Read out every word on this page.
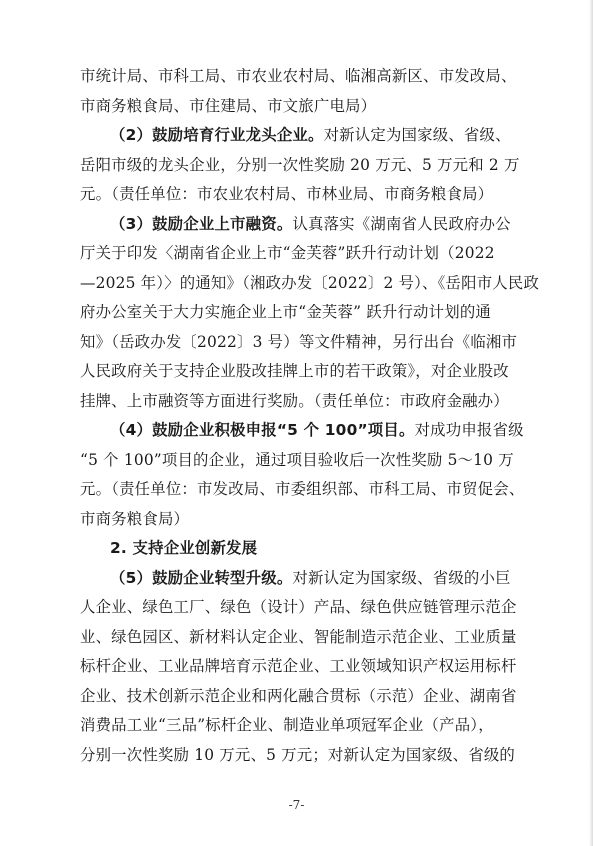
市统计局、市科工局、市农业农村局、临湘高新区、市发改局、
市商务粮食局、市住建局、市文旅广电局）
（2）鼓励培育行业龙头企业。对新认定为国家级、省级、
岳阳市级的龙头企业，分别一次性奖励 20 万元、5 万元和 2 万
元。（责任单位：市农业农村局、市林业局、市商务粮食局）
（3）鼓励企业上市融资。认真落实《湖南省人民政府办公
厅关于印发〈湖南省企业上市“金芙蓉”跃升行动计划（2022
—2025 年）〉的通知》（湘政办发〔2022〕2 号）、《岳阳市人民政
府办公室关于大力实施企业上市“金芙蓉” 跃升行动计划的通
知》（岳政办发〔2022〕3 号）等文件精神，另行出台《临湘市
人民政府关于支持企业股改挂牌上市的若干政策》，对企业股改
挂牌、上市融资等方面进行奖励。（责任单位：市政府金融办）
（4）鼓励企业积极申报“5 个 100”项目。对成功申报省级
“5 个 100”项目的企业，通过项目验收后一次性奖励 5～10 万
元。（责任单位：市发改局、市委组织部、市科工局、市贸促会、
市商务粮食局）
2. 支持企业创新发展
（5）鼓励企业转型升级。对新认定为国家级、省级的小巨
人企业、绿色工厂、绿色（设计）产品、绿色供应链管理示范企
业、绿色园区、新材料认定企业、智能制造示范企业、工业质量
标杆企业、工业品牌培育示范企业、工业领域知识产权运用标杆
企业、技术创新示范企业和两化融合贯标（示范）企业、湖南省
消费品工业“三品”标杆企业、制造业单项冠军企业（产品），
分别一次性奖励 10 万元、5 万元；对新认定为国家级、省级的
-7-
